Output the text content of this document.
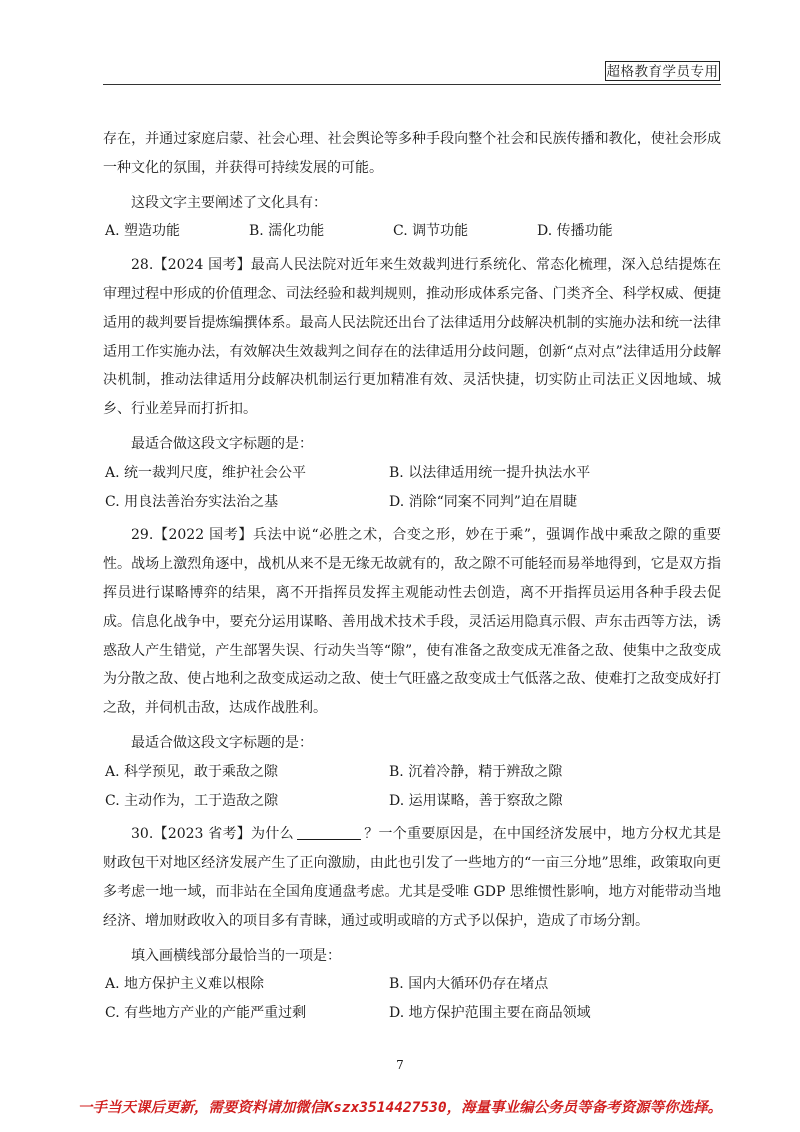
超格教育学员专用

存在，并通过家庭启蒙、社会心理、社会舆论等多种手段向整个社会和民族传播和教化，使社会形成一种文化的氛围，并获得可持续发展的可能。

这段文字主要阐述了文化具有：

A. 塑造功能	B. 濡化功能	C. 调节功能	D. 传播功能

28.【2024 国考】最高人民法院对近年来生效裁判进行系统化、常态化梳理，深入总结提炼在审理过程中形成的价值理念、司法经验和裁判规则，推动形成体系完备、门类齐全、科学权威、便捷适用的裁判要旨提炼编撰体系。最高人民法院还出台了法律适用分歧解决机制的实施办法和统一法律适用工作实施办法，有效解决生效裁判之间存在的法律适用分歧问题，创新“点对点”法律适用分歧解决机制，推动法律适用分歧解决机制运行更加精准有效、灵活快捷，切实防止司法正义因地域、城乡、行业差异而打折扣。

最适合做这段文字标题的是：

A. 统一裁判尺度，维护社会公平	B. 以法律适用统一提升执法水平
C. 用良法善治夯实法治之基	D. 消除“同案不同判”迫在眉睫

29.【2022 国考】兵法中说“必胜之术，合变之形，妙在于乘”，强调作战中乘敌之隙的重要性。战场上激烈角逐中，战机从来不是无缘无故就有的，敌之隙不可能轻而易举地得到，它是双方指挥员进行谋略博弈的结果，离不开指挥员发挥主观能动性去创造，离不开指挥员运用各种手段去促成。信息化战争中，要充分运用谋略、善用战术技术手段，灵活运用隐真示假、声东击西等方法，诱惑敌人产生错觉，产生部署失误、行动失当等“隙”，使有准备之敌变成无准备之敌、使集中之敌变成为分散之敌、使占地利之敌变成运动之敌、使士气旺盛之敌变成士气低落之敌、使难打之敌变成好打之敌，并伺机击敌，达成作战胜利。

最适合做这段文字标题的是：

A. 科学预见，敢于乘敌之隙	B. 沉着冷静，精于辨敌之隙
C. 主动作为，工于造敌之隙	D. 运用谋略，善于察敌之隙

30.【2023 省考】为什么	？一个重要原因是，在中国经济发展中，地方分权尤其是财政包干对地区经济发展产生了正向激励，由此也引发了一些地方的“一亩三分地”思维，政策取向更多考虑一地一域，而非站在全国角度通盘考虑。尤其是受唯 GDP 思维惯性影响，地方对能带动当地经济、增加财政收入的项目多有青睐，通过或明或暗的方式予以保护，造成了市场分割。

填入画横线部分最恰当的一项是：

A. 地方保护主义难以根除	B. 国内大循环仍存在堵点
C. 有些地方产业的产能严重过剩	D. 地方保护范围主要在商品领域
7
一手当天课后更新，需要资料请加微信Kszx3514427530，海量事业编公务员等备考资源等你选择。
